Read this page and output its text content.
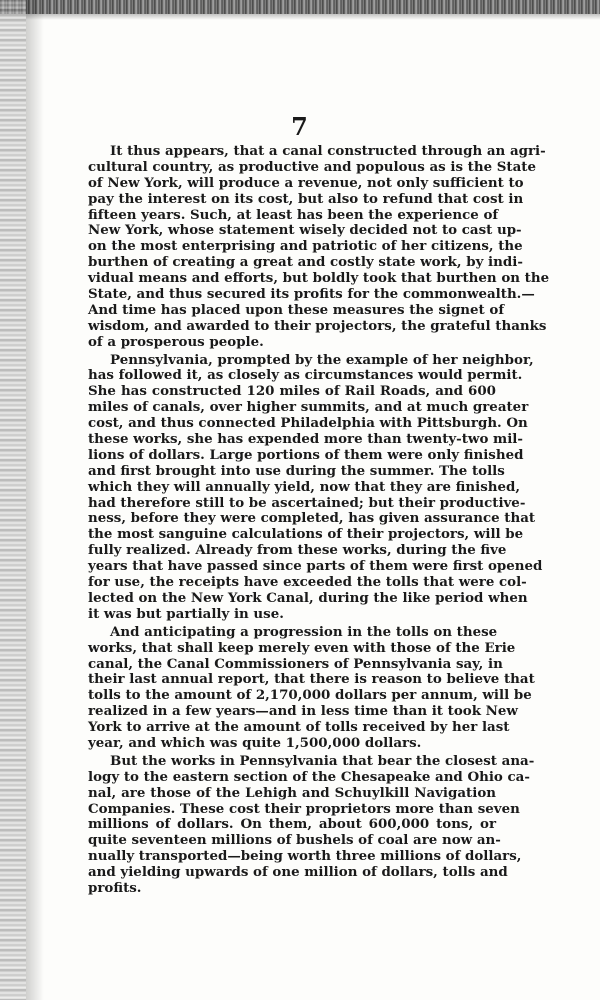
7
It thus appears, that a canal constructed through an agri-
cultural country, as productive and populous as is the State
of New York, will produce a revenue, not only sufficient to
pay the interest on its cost, but also to refund that cost in
fifteen years. Such, at least has been the experience of
New York, whose statement wisely decided not to cast up-
on the most enterprising and patriotic of her citizens, the
burthen of creating a great and costly state work, by indi-
vidual means and efforts, but boldly took that burthen on the
State, and thus secured its profits for the commonwealth.—
And time has placed upon these measures the signet of
wisdom, and awarded to their projectors, the grateful thanks
of a prosperous people.
Pennsylvania, prompted by the example of her neighbor,
has followed it, as closely as circumstances would permit.
She has constructed 120 miles of Rail Roads, and 600
miles of canals, over higher summits, and at much greater
cost, and thus connected Philadelphia with Pittsburgh. On
these works, she has expended more than twenty-two mil-
lions of dollars. Large portions of them were only finished
and first brought into use during the summer. The tolls
which they will annually yield, now that they are finished,
had therefore still to be ascertained; but their productive-
ness, before they were completed, has given assurance that
the most sanguine calculations of their projectors, will be
fully realized. Already from these works, during the five
years that have passed since parts of them were first opened
for use, the receipts have exceeded the tolls that were col-
lected on the New York Canal, during the like period when
it was but partially in use.
And anticipating a progression in the tolls on these
works, that shall keep merely even with those of the Erie
canal, the Canal Commissioners of Pennsylvania say, in
their last annual report, that there is reason to believe that
tolls to the amount of 2,170,000 dollars per annum, will be
realized in a few years—and in less time than it took New
York to arrive at the amount of tolls received by her last
year, and which was quite 1,500,000 dollars.
But the works in Pennsylvania that bear the closest ana-
logy to the eastern section of the Chesapeake and Ohio ca-
nal, are those of the Lehigh and Schuylkill Navigation
Companies. These cost their proprietors more than seven
millions of dollars. On them, about 600,000 tons, or
quite seventeen millions of bushels of coal are now an-
nually transported—being worth three millions of dollars,
and yielding upwards of one million of dollars, tolls and
profits.
